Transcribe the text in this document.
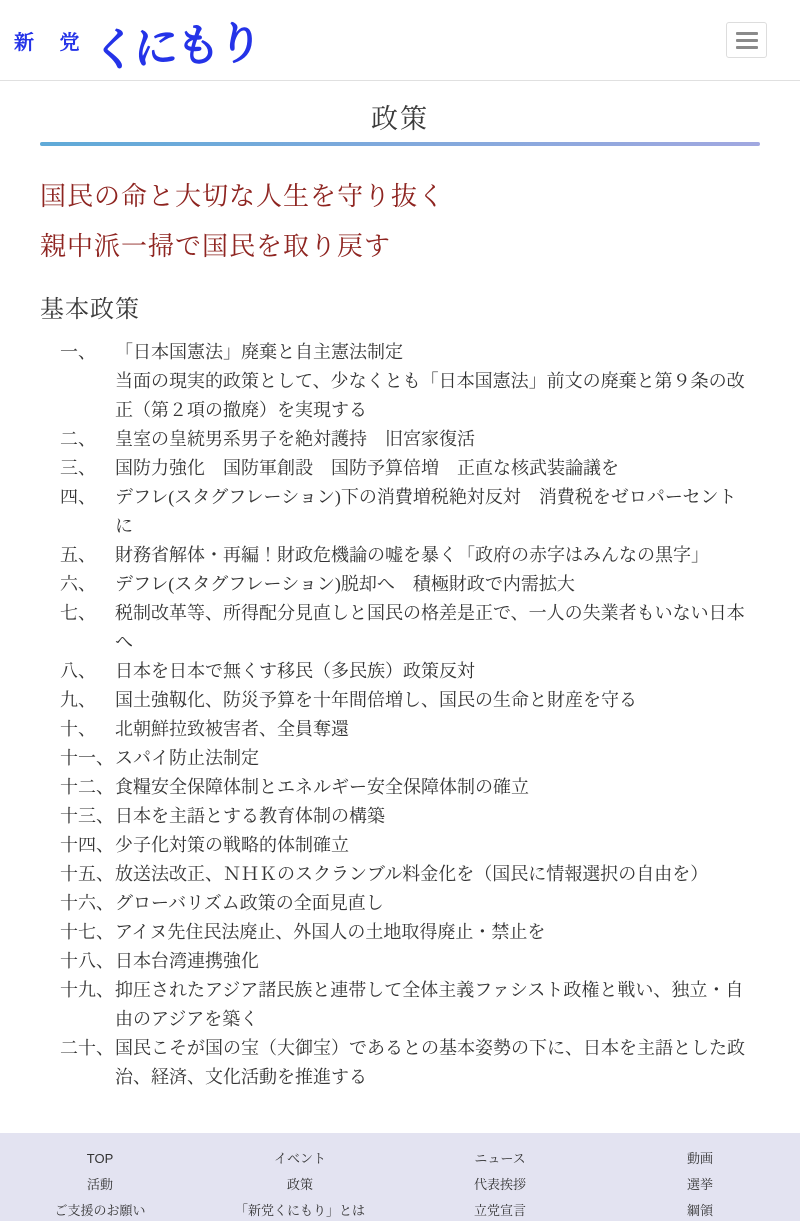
新 党 くにもり
政策

国民の命と大切な人生を守り抜く

親中派一掃で国民を取り戻す

基本政策
一、	「日本国憲法」廃棄と自主憲法制定
当面の現実的政策として、少なくとも「日本国憲法」前文の廃棄と第９条の改正（第２項の撤廃）を実現する
二、	皇室の皇統男系男子を絶対護持　旧宮家復活
三、	国防力強化　国防軍創設　国防予算倍増　正直な核武装論議を
四、	デフレ(スタグフレーション)下の消費増税絶対反対　消費税をゼロパーセントに
五、	財務省解体・再編！財政危機論の嘘を暴く「政府の赤字はみんなの黒字」
六、	デフレ(スタグフレーション)脱却へ　積極財政で内需拡大
七、	税制改革等、所得配分見直しと国民の格差是正で、一人の失業者もいない日本へ
八、	日本を日本で無くす移民（多民族）政策反対
九、	国土強靱化、防災予算を十年間倍増し、国民の生命と財産を守る
十、	北朝鮮拉致被害者、全員奪還
十一、 スパイ防止法制定
十二、 食糧安全保障体制とエネルギー安全保障体制の確立
十三、 日本を主語とする教育体制の構築
十四、 少子化対策の戦略的体制確立
十五、 放送法改正、ＮＨＫのスクランブル料金化を（国民に情報選択の自由を）
十六、 グローバリズム政策の全面見直し
十七、 アイヌ先住民法廃止、外国人の土地取得廃止・禁止を
十八、 日本台湾連携強化
十九、 抑圧されたアジア諸民族と連帯して全体主義ファシスト政権と戦い、独立・自由のアジアを築く
二十、 国民こそが国の宝（大御宝）であるとの基本姿勢の下に、日本を主語とした政治、経済、文化活動を推進する
TOP
活動
ご支援のお願い
イベント
政策
「新党くにもり」とは
ニュース
代表挨拶
立党宣言
動画
選挙
綱領
